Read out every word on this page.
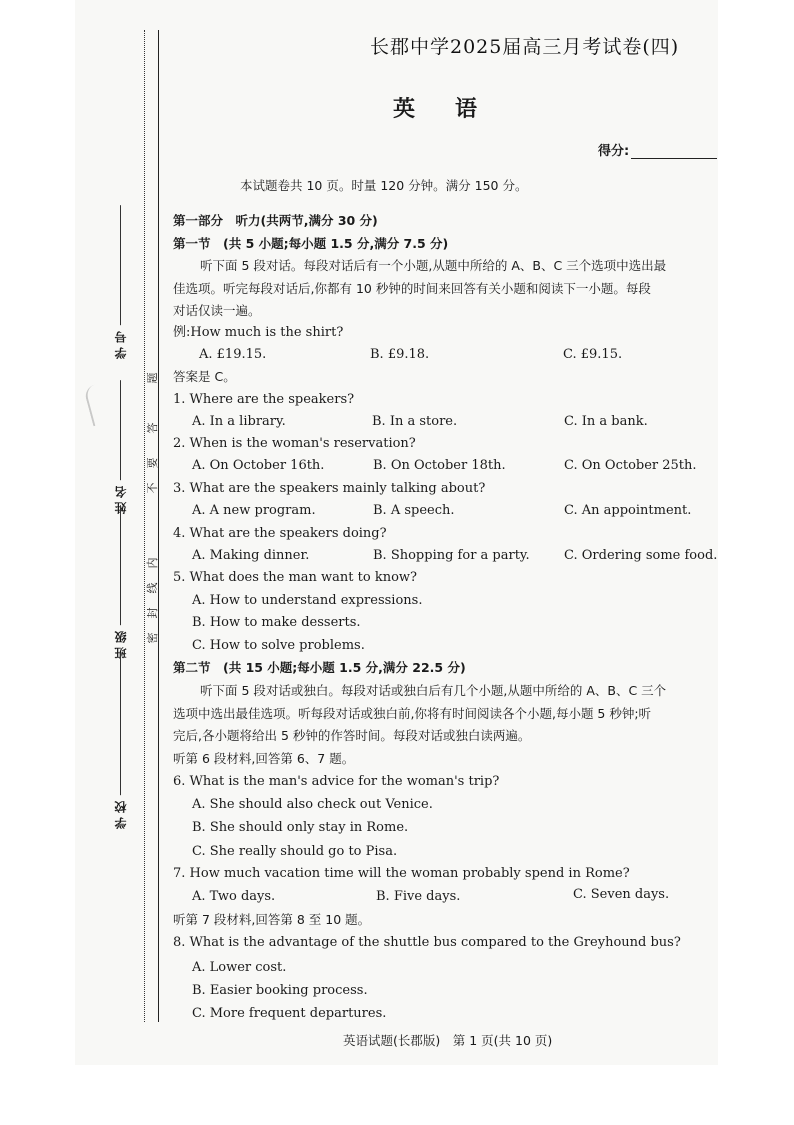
学 号
姓 名
班 级
学 校
密
封
线
内
不
要
答
题
长郡中学2025届高三月考试卷(四)
英语
得分:
本试题卷共 10 页。时量 120 分钟。满分 150 分。
第一部分　听力(共两节,满分 30 分)
第一节　(共 5 小题;每小题 1.5 分,满分 7.5 分)
听下面 5 段对话。每段对话后有一个小题,从题中所给的 A、B、C 三个选项中选出最
佳选项。听完每段对话后,你都有 10 秒钟的时间来回答有关小题和阅读下一小题。每段
对话仅读一遍。
例:How much is the shirt?
A. £19.15.	B. £9.18.	C. £9.15.
答案是 C。
1. Where are the speakers?
A. In a library.	B. In a store.	C. In a bank.
2. When is the woman's reservation?
A. On October 16th.	B. On October 18th.	C. On October 25th.
3. What are the speakers mainly talking about?
A. A new program.	B. A speech.	C. An appointment.
4. What are the speakers doing?
A. Making dinner.	B. Shopping for a party.	C. Ordering some food.
5. What does the man want to know?
A. How to understand expressions.
B. How to make desserts.
C. How to solve problems.
第二节　(共 15 小题;每小题 1.5 分,满分 22.5 分)
听下面 5 段对话或独白。每段对话或独白后有几个小题,从题中所给的 A、B、C 三个
选项中选出最佳选项。听每段对话或独白前,你将有时间阅读各个小题,每小题 5 秒钟;听
完后,各小题将给出 5 秒钟的作答时间。每段对话或独白读两遍。
听第 6 段材料,回答第 6、7 题。
6. What is the man's advice for the woman's trip?
A. She should also check out Venice.
B. She should only stay in Rome.
C. She really should go to Pisa.
7. How much vacation time will the woman probably spend in Rome?
A. Two days.	B. Five days.	C. Seven days.
听第 7 段材料,回答第 8 至 10 题。
8. What is the advantage of the shuttle bus compared to the Greyhound bus?
A. Lower cost.
B. Easier booking process.
C. More frequent departures.
英语试题(长郡版)　第 1 页(共 10 页)
